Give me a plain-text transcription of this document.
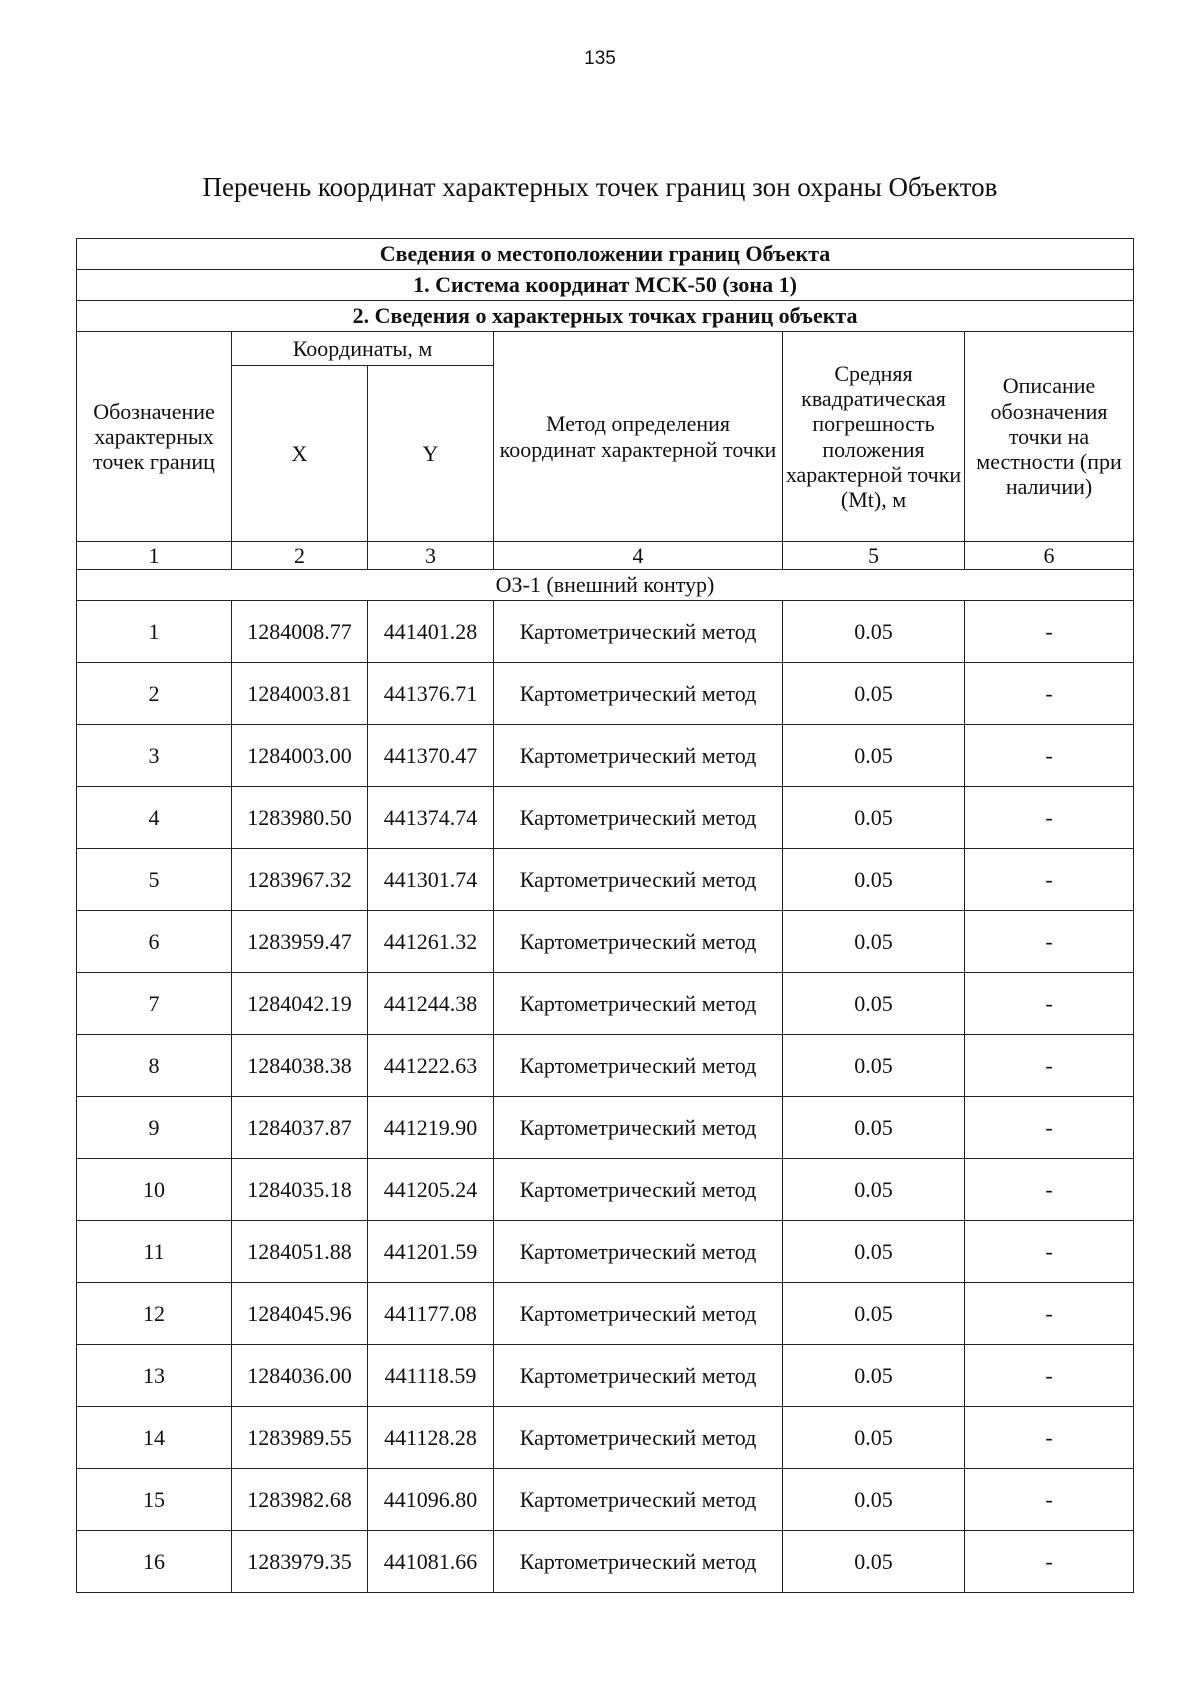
135
Перечень координат характерных точек границ зон охраны Объектов
Сведения о местоположении границ Объекта					
1. Система координат МСК-50 (зона 1)					
2. Сведения о характерных точках границ объекта					
Обозначение характерных точек границ	Координаты, м		Метод определения координат характерной точки	Средняя квадратическая погрешность положения характерной точки (Mt), м	Описание обозначения точки на местности (при наличии)
	X	Y			
1	2	3	4	5	6
ОЗ-1 (внешний контур)					
1	1284008.77	441401.28	Картометрический метод	0.05	-
2	1284003.81	441376.71	Картометрический метод	0.05	-
3	1284003.00	441370.47	Картометрический метод	0.05	-
4	1283980.50	441374.74	Картометрический метод	0.05	-
5	1283967.32	441301.74	Картометрический метод	0.05	-
6	1283959.47	441261.32	Картометрический метод	0.05	-
7	1284042.19	441244.38	Картометрический метод	0.05	-
8	1284038.38	441222.63	Картометрический метод	0.05	-
9	1284037.87	441219.90	Картометрический метод	0.05	-
10	1284035.18	441205.24	Картометрический метод	0.05	-
11	1284051.88	441201.59	Картометрический метод	0.05	-
12	1284045.96	441177.08	Картометрический метод	0.05	-
13	1284036.00	441118.59	Картометрический метод	0.05	-
14	1283989.55	441128.28	Картометрический метод	0.05	-
15	1283982.68	441096.80	Картометрический метод	0.05	-
16	1283979.35	441081.66	Картометрический метод	0.05	-
